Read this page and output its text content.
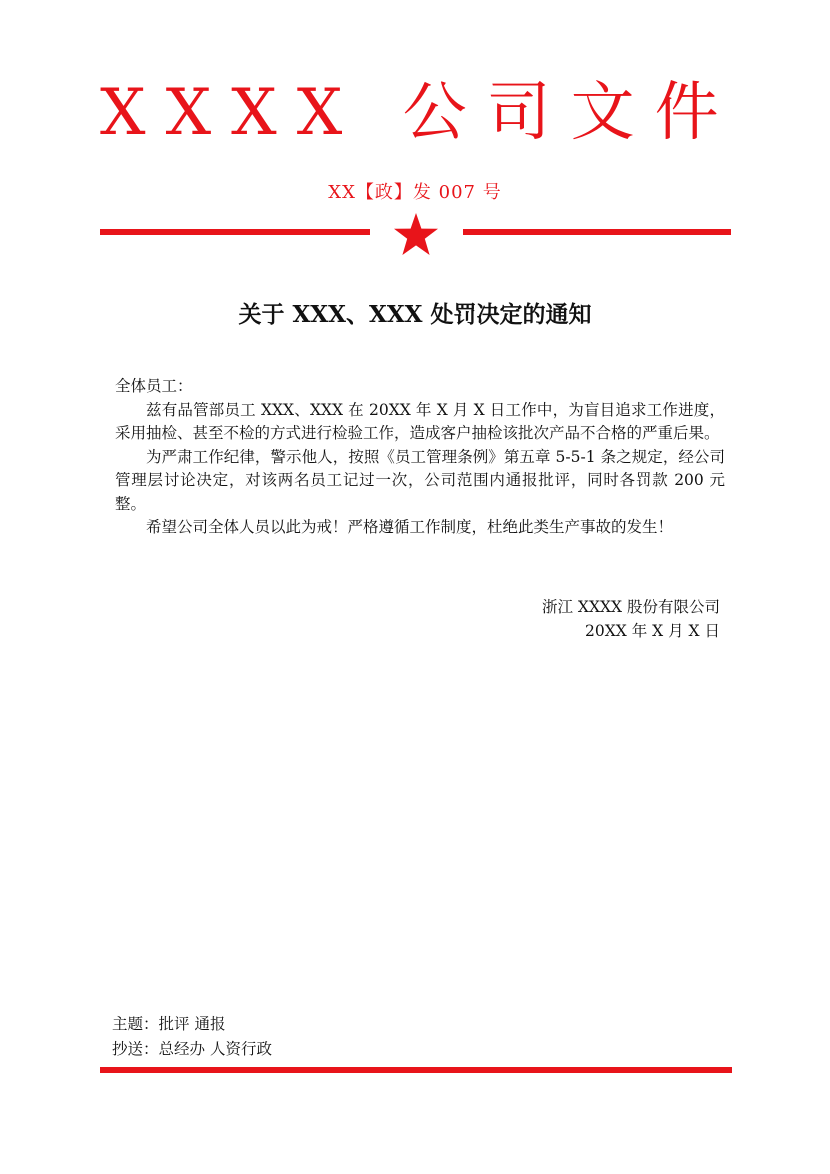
XXXX 公司文件
XX【政】发 007 号
关于 XXX、XXX 处罚决定的通知

全体员工：

兹有品管部员工 XXX、XXX 在 20XX 年 X 月 X 日工作中，为盲目追求工作进度，采用抽检、甚至不检的方式进行检验工作，造成客户抽检该批次产品不合格的严重后果。

为严肃工作纪律，警示他人，按照《员工管理条例》第五章 5-5-1 条之规定，经公司管理层讨论决定，对该两名员工记过一次，公司范围内通报批评，同时各罚款 200 元整。

希望公司全体人员以此为戒！严格遵循工作制度，杜绝此类生产事故的发生！

浙江 XXXX 股份有限公司
20XX 年 X 月 X 日
主题：批评 通报
抄送：总经办 人资行政
